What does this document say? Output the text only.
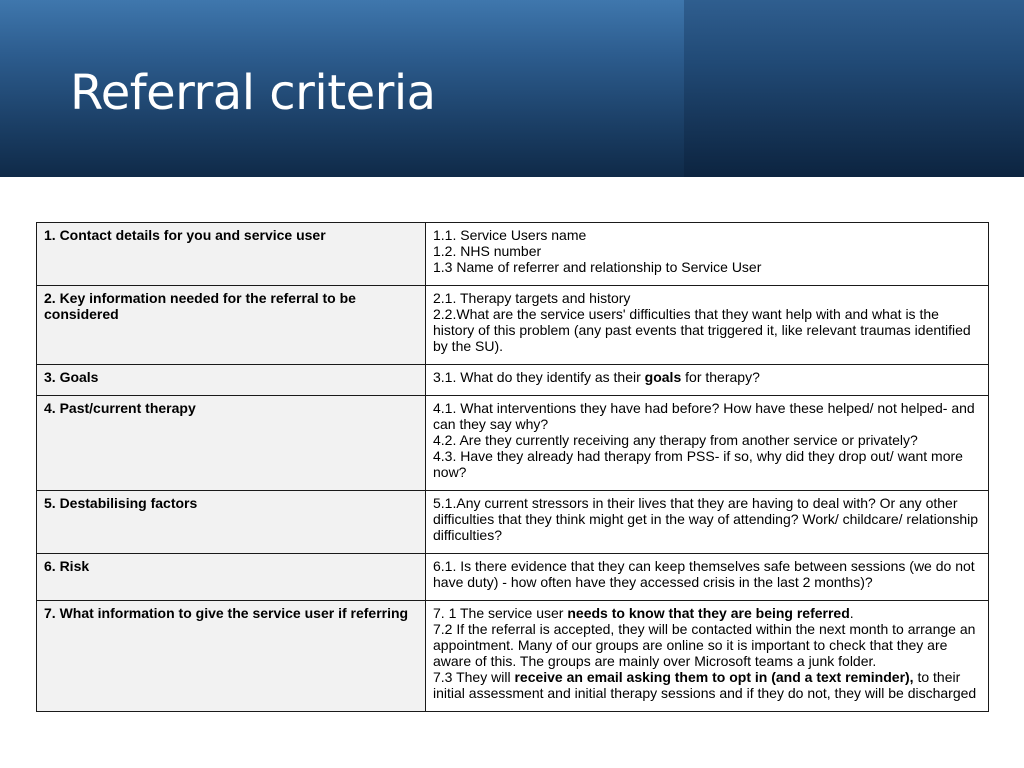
Referral criteria
1. Contact details for you and service user	1.1. Service Users name
1.2. NHS number
1.3 Name of referrer and relationship to Service User

2. Key information needed for the referral to be considered	2.1. Therapy targets and history
2.2.What are the service users' difficulties that they want help with and what is the history of this problem (any past events that triggered it, like relevant traumas identified by the SU).

3. Goals	3.1. What do they identify as their goals for therapy?
4. Past/current therapy	4.1. What interventions they have had before? How have these helped/ not helped- and can they say why?
4.2. Are they currently receiving any therapy from another service or privately?
4.3. Have they already had therapy from PSS- if so, why did they drop out/ want more now?

5. Destabilising factors	5.1.Any current stressors in their lives that they are having to deal with? Or any other difficulties that they think might get in the way of attending? Work/ childcare/ relationship difficulties?

6. Risk	6.1. Is there evidence that they can keep themselves safe between sessions (we do not have duty) - how often have they accessed crisis in the last 2 months)?

7. What information to give the service user if referring	7. 1 The service user needs to know that they are being referred.
7.2 If the referral is accepted, they will be contacted within the next month to arrange an appointment. Many of our groups are online so it is important to check that they are aware of this. The groups are mainly over Microsoft teams a junk folder.
7.3 They will receive an email asking them to opt in (and a text reminder), to their initial assessment and initial therapy sessions and if they do not, they will be discharged
